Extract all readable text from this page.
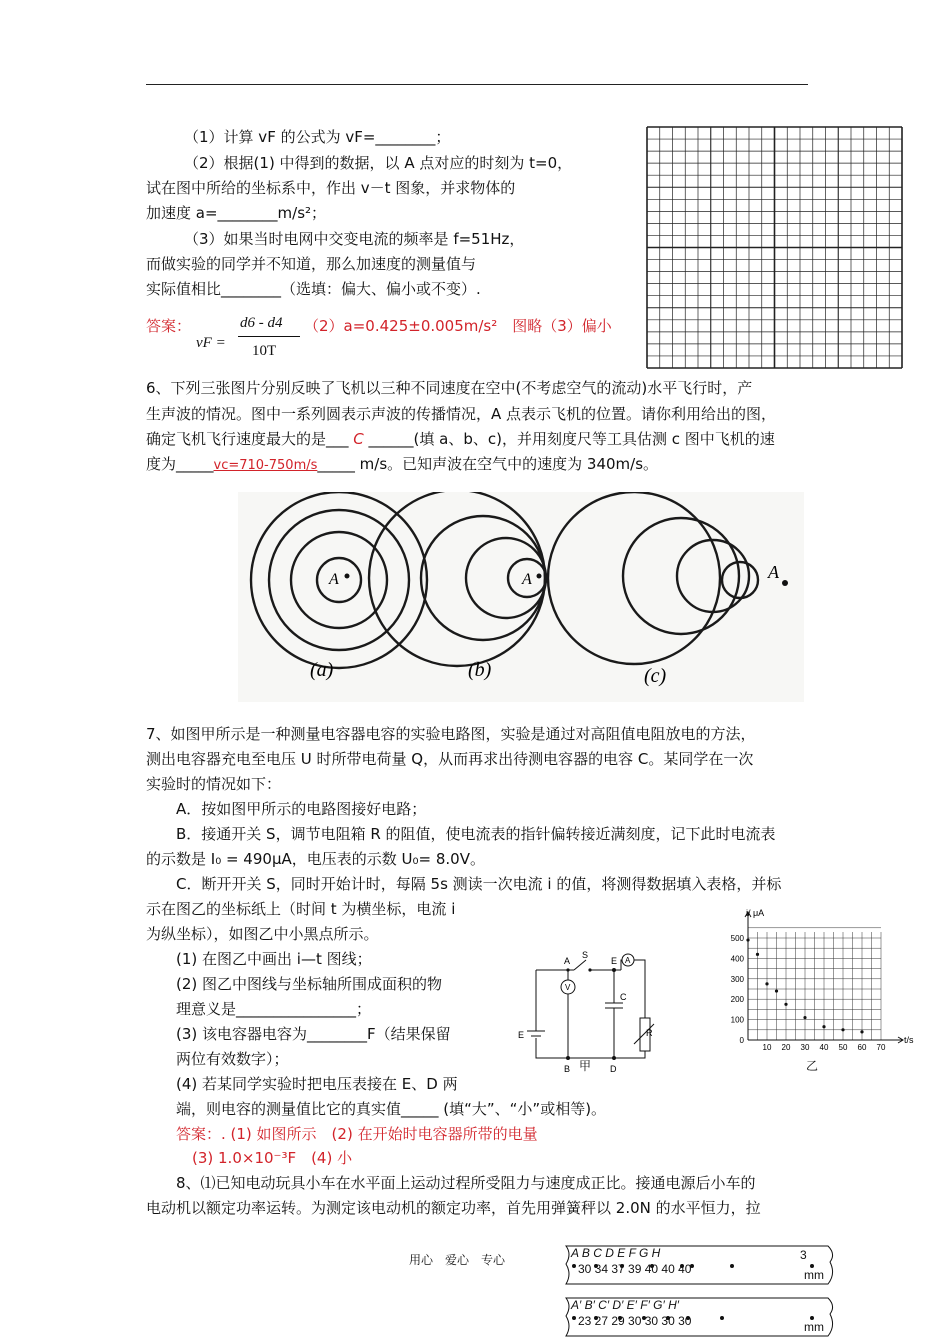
（1）计算 vF 的公式为 vF=________；
（2）根据(1) 中得到的数据，以 A 点对应的时刻为 t=0，
试在图中所给的坐标系中，作出 v－t 图象，并求物体的
加速度 a=________m/s²；
（3）如果当时电网中交变电流的频率是 f=51Hz，
而做实验的同学并不知道，那么加速度的测量值与
实际值相比________（选填：偏大、偏小或不变）.
答案：
vF =
d6 - d4
10T
（2）a=0.425±0.005m/s²　图略（3）偏小
6、下列三张图片分别反映了飞机以三种不同速度在空中(不考虑空气的流动)水平飞行时，产
生声波的情况。图中一系列圆表示声波的传播情况，A 点表示飞机的位置。请你利用给出的图，
确定飞机飞行速度最大的是___ C ______(填 a、b、c)，并用刻度尺等工具估测 c 图中飞机的速
度为_____vc=710-750m/s_____ m/s。已知声波在空气中的速度为 340m/s。
A	A	A
(a)	(b)	(c)
7、如图甲所示是一种测量电容器电容的实验电路图，实验是通过对高阻值电阻放电的方法，
测出电容器充电至电压 U 时所带电荷量 Q，从而再求出待测电容器的电容 C。某同学在一次
实验时的情况如下：
A．按如图甲所示的电路图接好电路；
B．接通开关 S，调节电阻箱 R 的阻值，使电流表的指针偏转接近满刻度，记下此时电流表
的示数是 I₀ = 490μA，电压表的示数 U₀= 8.0V。
C．断开开关 S，同时开始计时，每隔 5s 测读一次电流 i 的值，将测得数据填入表格，并标
示在图乙的坐标纸上（时间 t 为横坐标，电流 i
为纵坐标），如图乙中小黑点所示。
(1) 在图乙中画出 i—t 图线；
(2) 图乙中图线与坐标轴所围成面积的物
理意义是________________；
(3) 该电容器电容为________F（结果保留
两位有效数字）；
(4) 若某同学实验时把电压表接在 E、D 两
端，则电容的测量值比它的真实值_____ (填“大”、“小”或相等)。
答案：. (1) 如图所示　(2) 在开始时电容器所带的电量
(3) 1.0×10⁻³F　(4) 小
A
S
E
E
B	D
C
R
V
A
甲
0
100
200
300
400
500
10 20 30 40 50 60 70
i/ μA
t/s
乙
8、⑴已知电动玩具小车在水平面上运动过程所受阻力与速度成正比。接通电源后小车的
电动机以额定功率运转。为测定该电动机的额定功率，首先用弹簧秤以 2.0N 的水平恒力，拉
用心　爱心　专心	A B C D E F G H
30 34 37 39 40 40 40
3
mm
A′ B′ C′ D′ E′ F′ G′ H′
23 27 29 30 30 30 30	mm
